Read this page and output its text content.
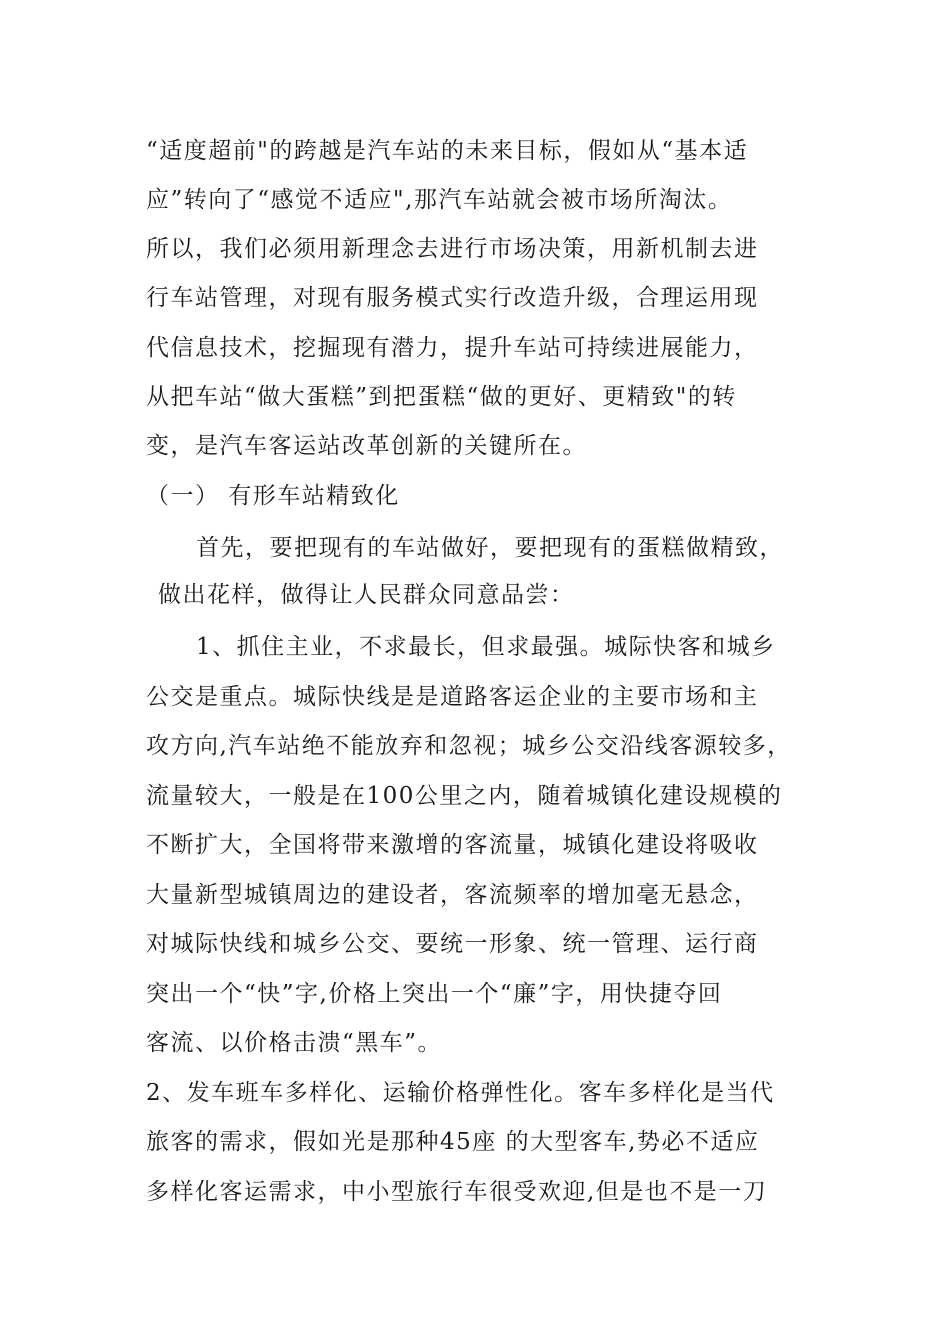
“适度超前"的跨越是汽车站的未来目标，假如从“基本适
应”转向了“感觉不适应",那汽车站就会被市场所淘汰。
所以，我们必须用新理念去进行市场决策，用新机制去进
行车站管理，对现有服务模式实行改造升级，合理运用现
代信息技术，挖掘现有潜力，提升车站可持续进展能力，
从把车站“做大蛋糕”到把蛋糕“做的更好、更精致"的转
变，是汽车客运站改革创新的关键所在。
（一） 有形车站精致化
首先，要把现有的车站做好，要把现有的蛋糕做精致，
做出花样，做得让人民群众同意品尝：
1、抓住主业，不求最长，但求最强。城际快客和城乡
公交是重点。城际快线是是道路客运企业的主要市场和主
攻方向,汽车站绝不能放弃和忽视；城乡公交沿线客源较多，
流量较大，一般是在100公里之内，随着城镇化建设规模的
不断扩大，全国将带来激增的客流量，城镇化建设将吸收
大量新型城镇周边的建设者，客流频率的增加毫无悬念，
对城际快线和城乡公交、要统一形象、统一管理、运行商
突出一个“快”字,价格上突出一个“廉”字，用快捷夺回
客流、以价格击溃“黑车”。
2、发车班车多样化、运输价格弹性化。客车多样化是当代
旅客的需求，假如光是那种45座 的大型客车,势必不适应
多样化客运需求，中小型旅行车很受欢迎,但是也不是一刀
